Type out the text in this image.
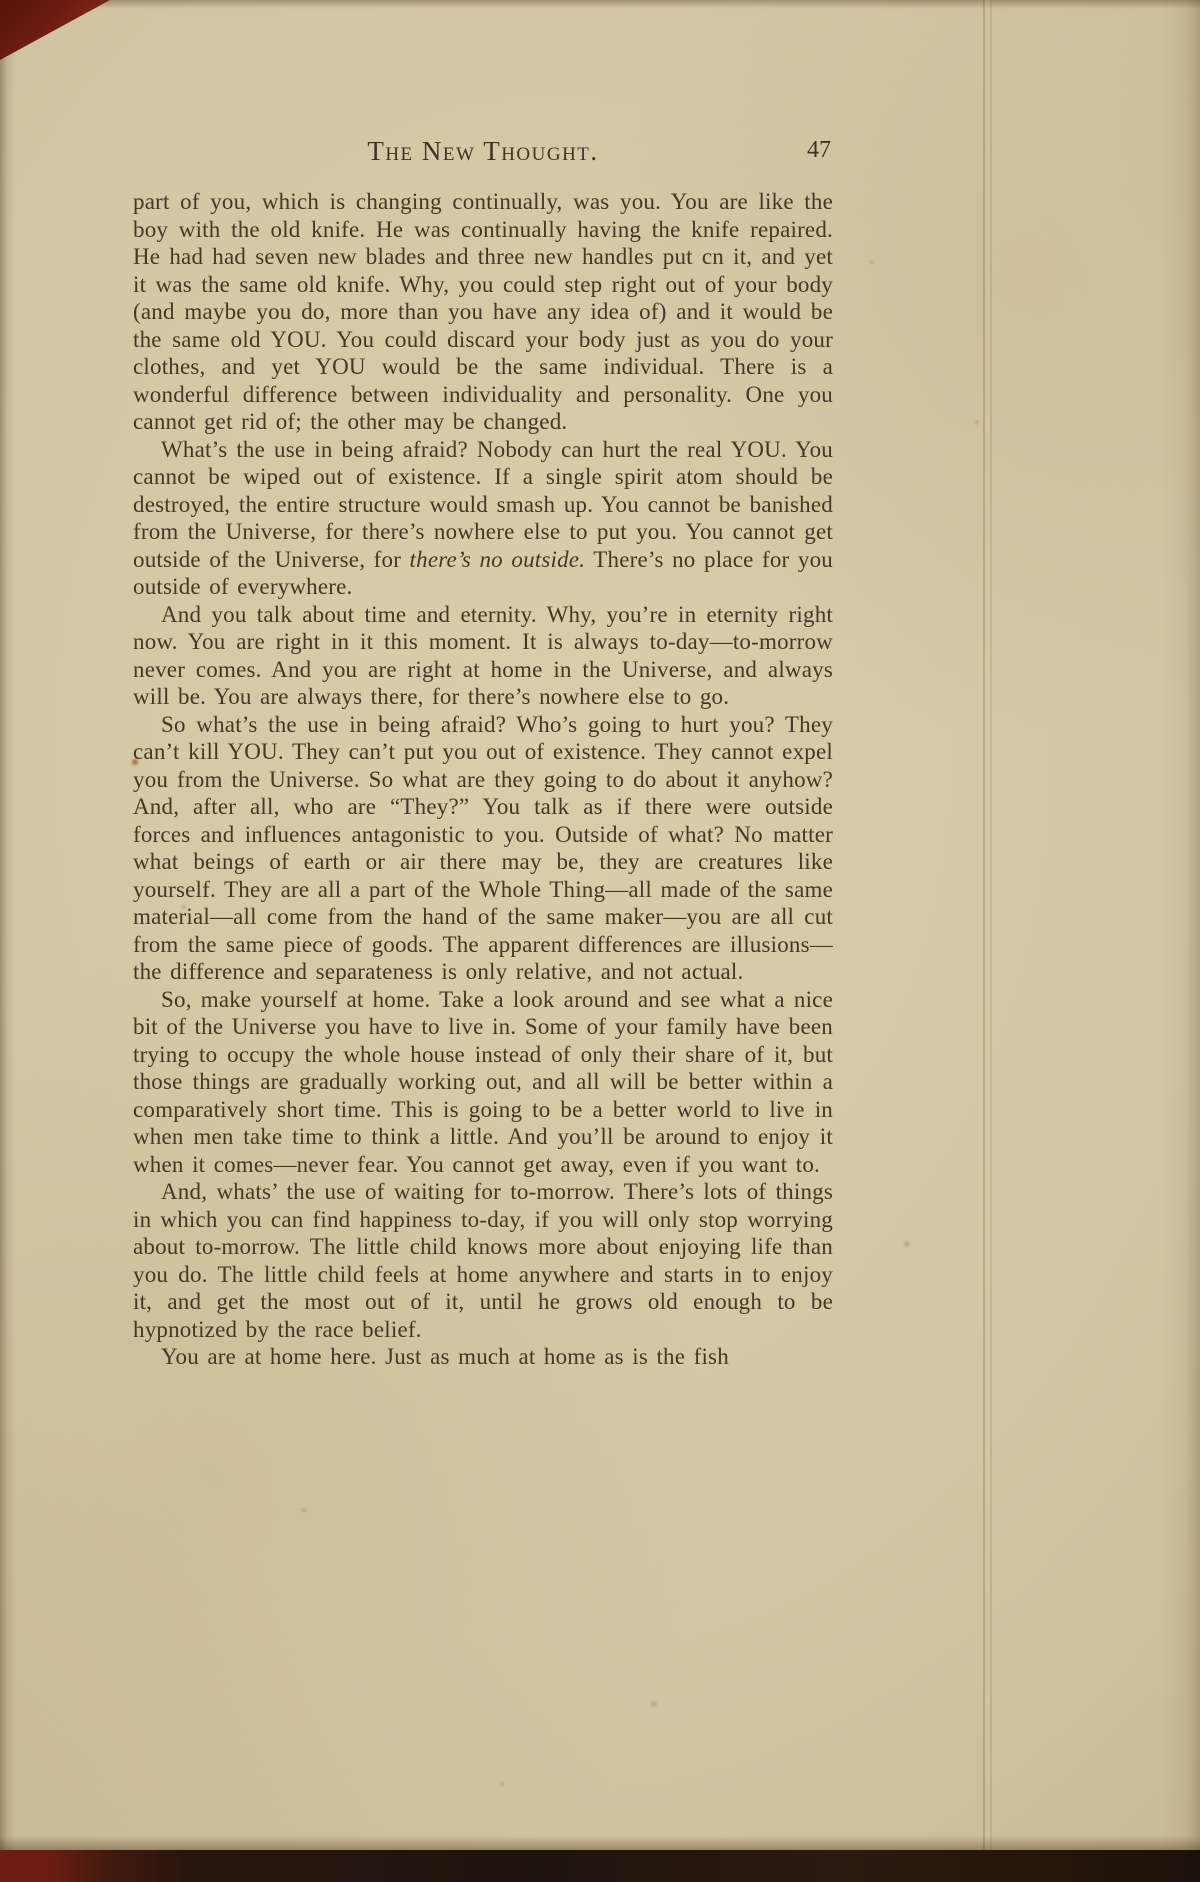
The New Thought.	47

part of you, which is changing continually, was you. You are like the boy with the old knife. He was continually having the knife repaired. He had had seven new blades and three new handles put cn it, and yet it was the same old knife. Why, you could step right out of your body (and maybe you do, more than you have any idea of) and it would be the same old YOU. You could discard your body just as you do your clothes, and yet YOU would be the same individual. There is a wonderful difference between individuality and personality. One you cannot get rid of; the other may be changed.

What’s the use in being afraid? Nobody can hurt the real YOU. You cannot be wiped out of existence. If a single spirit atom should be destroyed, the entire structure would smash up. You cannot be banished from the Universe, for there’s nowhere else to put you. You cannot get outside of the Universe, for there’s no outside. There’s no place for you outside of everywhere.

And you talk about time and eternity. Why, you’re in eternity right now. You are right in it this moment. It is always to-day—to-morrow never comes. And you are right at home in the Universe, and always will be. You are always there, for there’s nowhere else to go.

So what’s the use in being afraid? Who’s going to hurt you? They can’t kill YOU. They can’t put you out of existence. They cannot expel you from the Universe. So what are they going to do about it anyhow? And, after all, who are “They?” You talk as if there were outside forces and influences antagonistic to you. Outside of what? No matter what beings of earth or air there may be, they are creatures like yourself. They are all a part of the Whole Thing—all made of the same material—all come from the hand of the same maker—you are all cut from the same piece of goods. The apparent differences are illusions—the difference and separateness is only relative, and not actual.

So, make yourself at home. Take a look around and see what a nice bit of the Universe you have to live in. Some of your family have been trying to occupy the whole house instead of only their share of it, but those things are gradually working out, and all will be better within a comparatively short time. This is going to be a better world to live in when men take time to think a little. And you’ll be around to enjoy it when it comes—never fear. You cannot get away, even if you want to.

And, whats’ the use of waiting for to-morrow. There’s lots of things in which you can find happiness to-day, if you will only stop worrying about to-morrow. The little child knows more about enjoying life than you do. The little child feels at home anywhere and starts in to enjoy it, and get the most out of it, until he grows old enough to be hypnotized by the race belief.

You are at home here. Just as much at home as is the fish
